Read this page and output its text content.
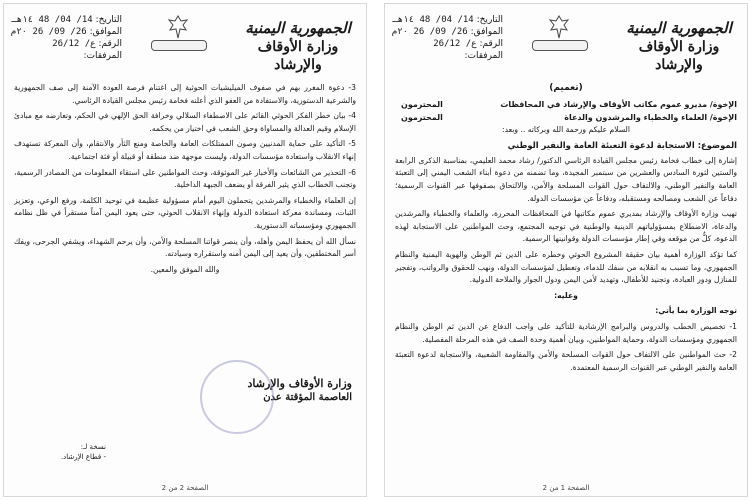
التاريخ: 14/ 04/ 48 ١٤هـ
الموافق: 26/ 09/ 26 ٢٠م
الرقم: ع/ 26/12
المرفقات:
الجمهورية اليمنية
وزارة الأوقاف والإرشاد

3- دعوة المغرر بهم في صفوف الميليشيات الحوثية إلى اغتنام فرصة العودة الآمنة إلى صف الجمهورية والشرعية الدستورية، والاستفادة من العفو الذي أعلنه فخامة رئيس مجلس القيادة الرئاسي.

4- بيان خطر الفكر الحوثي القائم على الاصطفاء السلالي وخرافة الحق الإلهي في الحكم، وتعارضه مع مبادئ الإسلام وقيم العدالة والمساواة وحق الشعب في اختيار من يحكمه.

5- التأكيد على حماية المدنيين وصون الممتلكات العامة والخاصة ومنع الثأر والانتقام، وأن المعركة تستهدف إنهاء الانقلاب واستعادة مؤسسات الدولة، وليست موجهة ضد منطقة أو قبيلة أو فئة اجتماعية.

6- التحذير من الشائعات والأخبار غير الموثوقة، وحث المواطنين على استقاء المعلومات من المصادر الرسمية، وتجنب الخطاب الذي يثير الفرقة أو يضعف الجبهة الداخلية.

إن العلماء والخطباء والمرشدين يتحملون اليوم أمام مسؤولية عظيمة في توحيد الكلمة، ورفع الوعي، وتعزيز الثبات، ومساندة معركة استعادة الدولة وإنهاء الانقلاب الحوثي، حتى يعود اليمن آمناً مستقراً في ظل نظامه الجمهوري ومؤسساته الدستورية.

نسأل الله أن يحفظ اليمن وأهله، وأن ينصر قواتنا المسلحة والأمن، وأن يرحم الشهداء، ويشفي الجرحى، ويفك أسر المختطفين، وأن يعيد إلى اليمن أمنه واستقراره وسيادته.

والله الموفق والمعين.

وزارة الأوقاف والإرشاد
العاصمة المؤقتة عدن
نسخة لـ:
- قطاع الإرشاد.
الصفحة 2 من 2
التاريخ: 14/ 04/ 48 ١٤هـ
الموافق: 26/ 09/ 26 ٢٠م
الرقم: ع/ 26/12
المرفقات:
الجمهورية اليمنية
وزارة الأوقاف والإرشاد

(تعميم)

الإخوة/ مديرو عموم مكاتب الأوقاف والإرشاد في المحافظات
المحترمون
الإخوة/ العلماء والخطباء والمرشدون والدعاة
المحترمون

السلام عليكم ورحمة الله وبركاته .. وبعد:

الموضوع: الاستجابة لدعوة التعبئة العامة والنفير الوطني

إشارة إلى خطاب فخامة رئيس مجلس القيادة الرئاسي الدكتور/ رشاد محمد العليمي، بمناسبة الذكرى الرابعة والستين لثورة السادس والعشرين من سبتمبر المجيدة، وما تضمنه من دعوة أبناء الشعب اليمني إلى التعبئة العامة والنفير الوطني، والالتفاف حول القوات المسلحة والأمن، والالتحاق بصفوفها عبر القنوات الرسمية؛ دفاعاً عن الشعب ومصالحه ومستقبله، ودفاعاً عن مؤسسات الدولة.

تهيب وزارة الأوقاف والإرشاد بمديري عموم مكاتبها في المحافظات المحررة، والعلماء والخطباء والمرشدين والدعاة، الاضطلاع بمسؤولياتهم الدينية والوطنية في توجيه المجتمع، وحث المواطنين على الاستجابة لهذه الدعوة، كلٌّ من موقعه وفي إطار مؤسسات الدولة وقوانينها الرسمية.

كما تؤكد الوزارة أهمية بيان حقيقة المشروع الحوثي وخطره على الدين ثم الوطن والهوية اليمنية والنظام الجمهوري، وما تسبب به انقلابه من سفك للدماء، وتعطيل لمؤسسات الدولة، ونهب للحقوق والرواتب، وتفجير للمنازل ودور العبادة، وتجنيد للأطفال، وتهديد لأمن اليمن ودول الجوار والملاحة الدولية.

وعليه:

توجه الوزارة بما يأتي:

1- تخصيص الخطب والدروس والبرامج الإرشادية للتأكيد على واجب الدفاع عن الدين ثم الوطن والنظام الجمهوري ومؤسسات الدولة، وحماية المواطنين، وبيان أهمية وحدة الصف في هذه المرحلة المفصلية.

2- حث المواطنين على الالتفاف حول القوات المسلحة والأمن والمقاومة الشعبية، والاستجابة لدعوة التعبئة العامة والنفير الوطني عبر القنوات الرسمية المعتمدة.

الصفحة 1 من 2
